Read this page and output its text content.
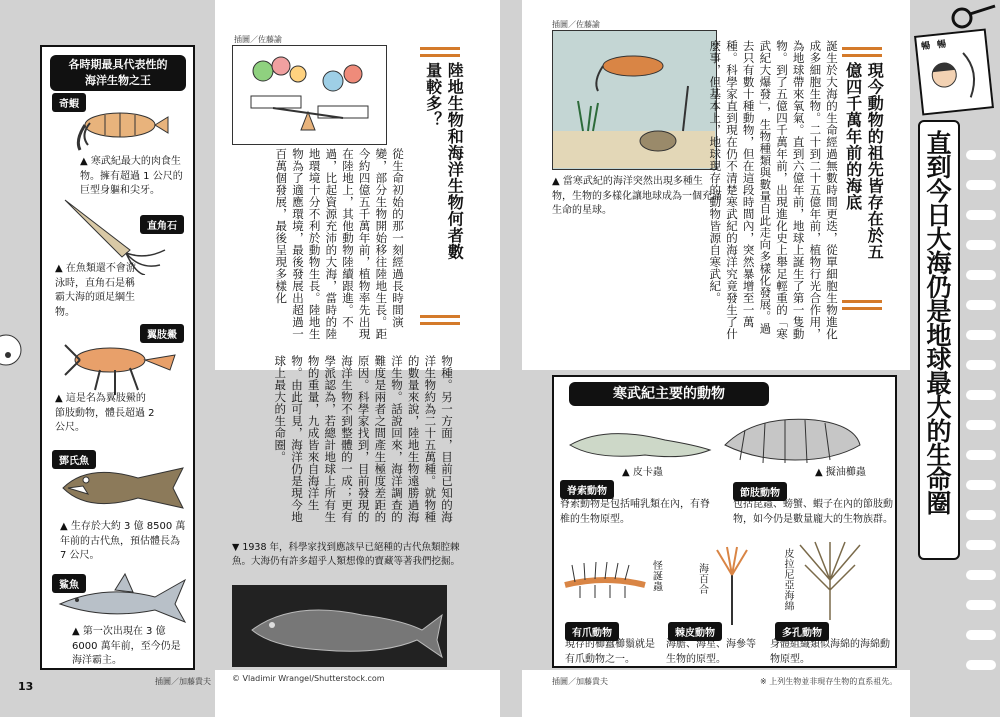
各時期最具代表性的
海洋生物之王
奇蝦
▲ 寒武紀最大的肉食生物。擁有超過 1 公尺的巨型身軀和尖牙。
直角石
▲ 在魚類還不會游泳時，直角石是稱霸大海的頭足綱生物。
翼肢鱟
▲ 這是名為翼肢鱟的節肢動物，體長超過 2 公尺。
鄧氏魚
▲ 生存於大約 3 億 8500 萬年前的古代魚，預估體長為 7 公尺。
鯊魚
▲ 第一次出現在 3 億 6000 萬年前，至今仍是海洋霸主。
13	插圖／加藤貴夫
插圖／佐藤諭
陸地生物和海洋生物何者數量較多？
從生命初始的那一刻經過長時間演變，部分生物開始移往陸地生長。距今約四億五千萬年前，植物率先出現在陸地上，其他動物陸續跟進。不過，比起資源充沛的大海，當時的陸地環境十分不利於動物生長。陸地生物為了適應環境，最後發展出超過一百萬個發展，最後呈現多樣化
物種。另一方面，目前已知的海洋生物約為二十五萬種。就物種的數量來說，陸地生物遠勝過海洋生物。話說回來，海洋調查的難度是兩者之間產生極度差距的原因。科學家找到，目前發現的海洋生物不到整體的一成；更有學派認為，若總計地球上所有生物的重量，九成皆來自海洋生物。由此可見，海洋仍是現今地球上最大的生命圈。
▼ 1938 年，科學家找到應該早已絕種的古代魚類腔棘魚。大海仍有許多超乎人類想像的寶藏等著我們挖掘。
© Vladimir Wrangel/Shutterstock.com
插圖／佐藤諭
▲ 當寒武紀的海洋突然出現多種生物，生物的多樣化讓地球成為一個充滿生命的星球。	現今動物的祖先皆存在於五億四千萬年前的海底
誕生於大海的生命經過無數時間更迭，從單細胞生物進化成多細胞生物。二十到二十五億年前，植物行光合作用，為地球帶來氧氣。直到六億年前，地球上誕生了第一隻動物。到了五億四千萬年前，出現進化史上舉足輕重的「寒武紀大爆發」，生物種類與數量自此走向多樣化發展。過去只有數十種動物，但在這段時間內，突然暴增至一萬種。科學家直到現在仍不清楚寒武紀的海洋究竟發生了什麼事，但基本上，地球現存的動物皆源自寒武紀。
寒武紀主要的動物
▲ 皮卡蟲
脊索動物
脊索動物是包括哺乳類在內，有脊椎的生物原型。
▲ 擬油櫛蟲
節肢動物
包括昆蟲、螃蟹、蝦子在內的節肢動物，如今仍是數量龐大的生物族群。
怪誕蟲
有爪動物
現存的櫛蠶櫛鬚就是有爪動物之一。
海百合
棘皮動物
海膽、海星、海參等生物的原型。
皮拉尼亞海綿
多孔動物
身體組織類似海綿的海綿動物原型。
插圖／加藤貴夫	※ 上列生物並非現存生物的直系祖先。
直到今日大海仍是地球最大的生命圈
暢 暢
